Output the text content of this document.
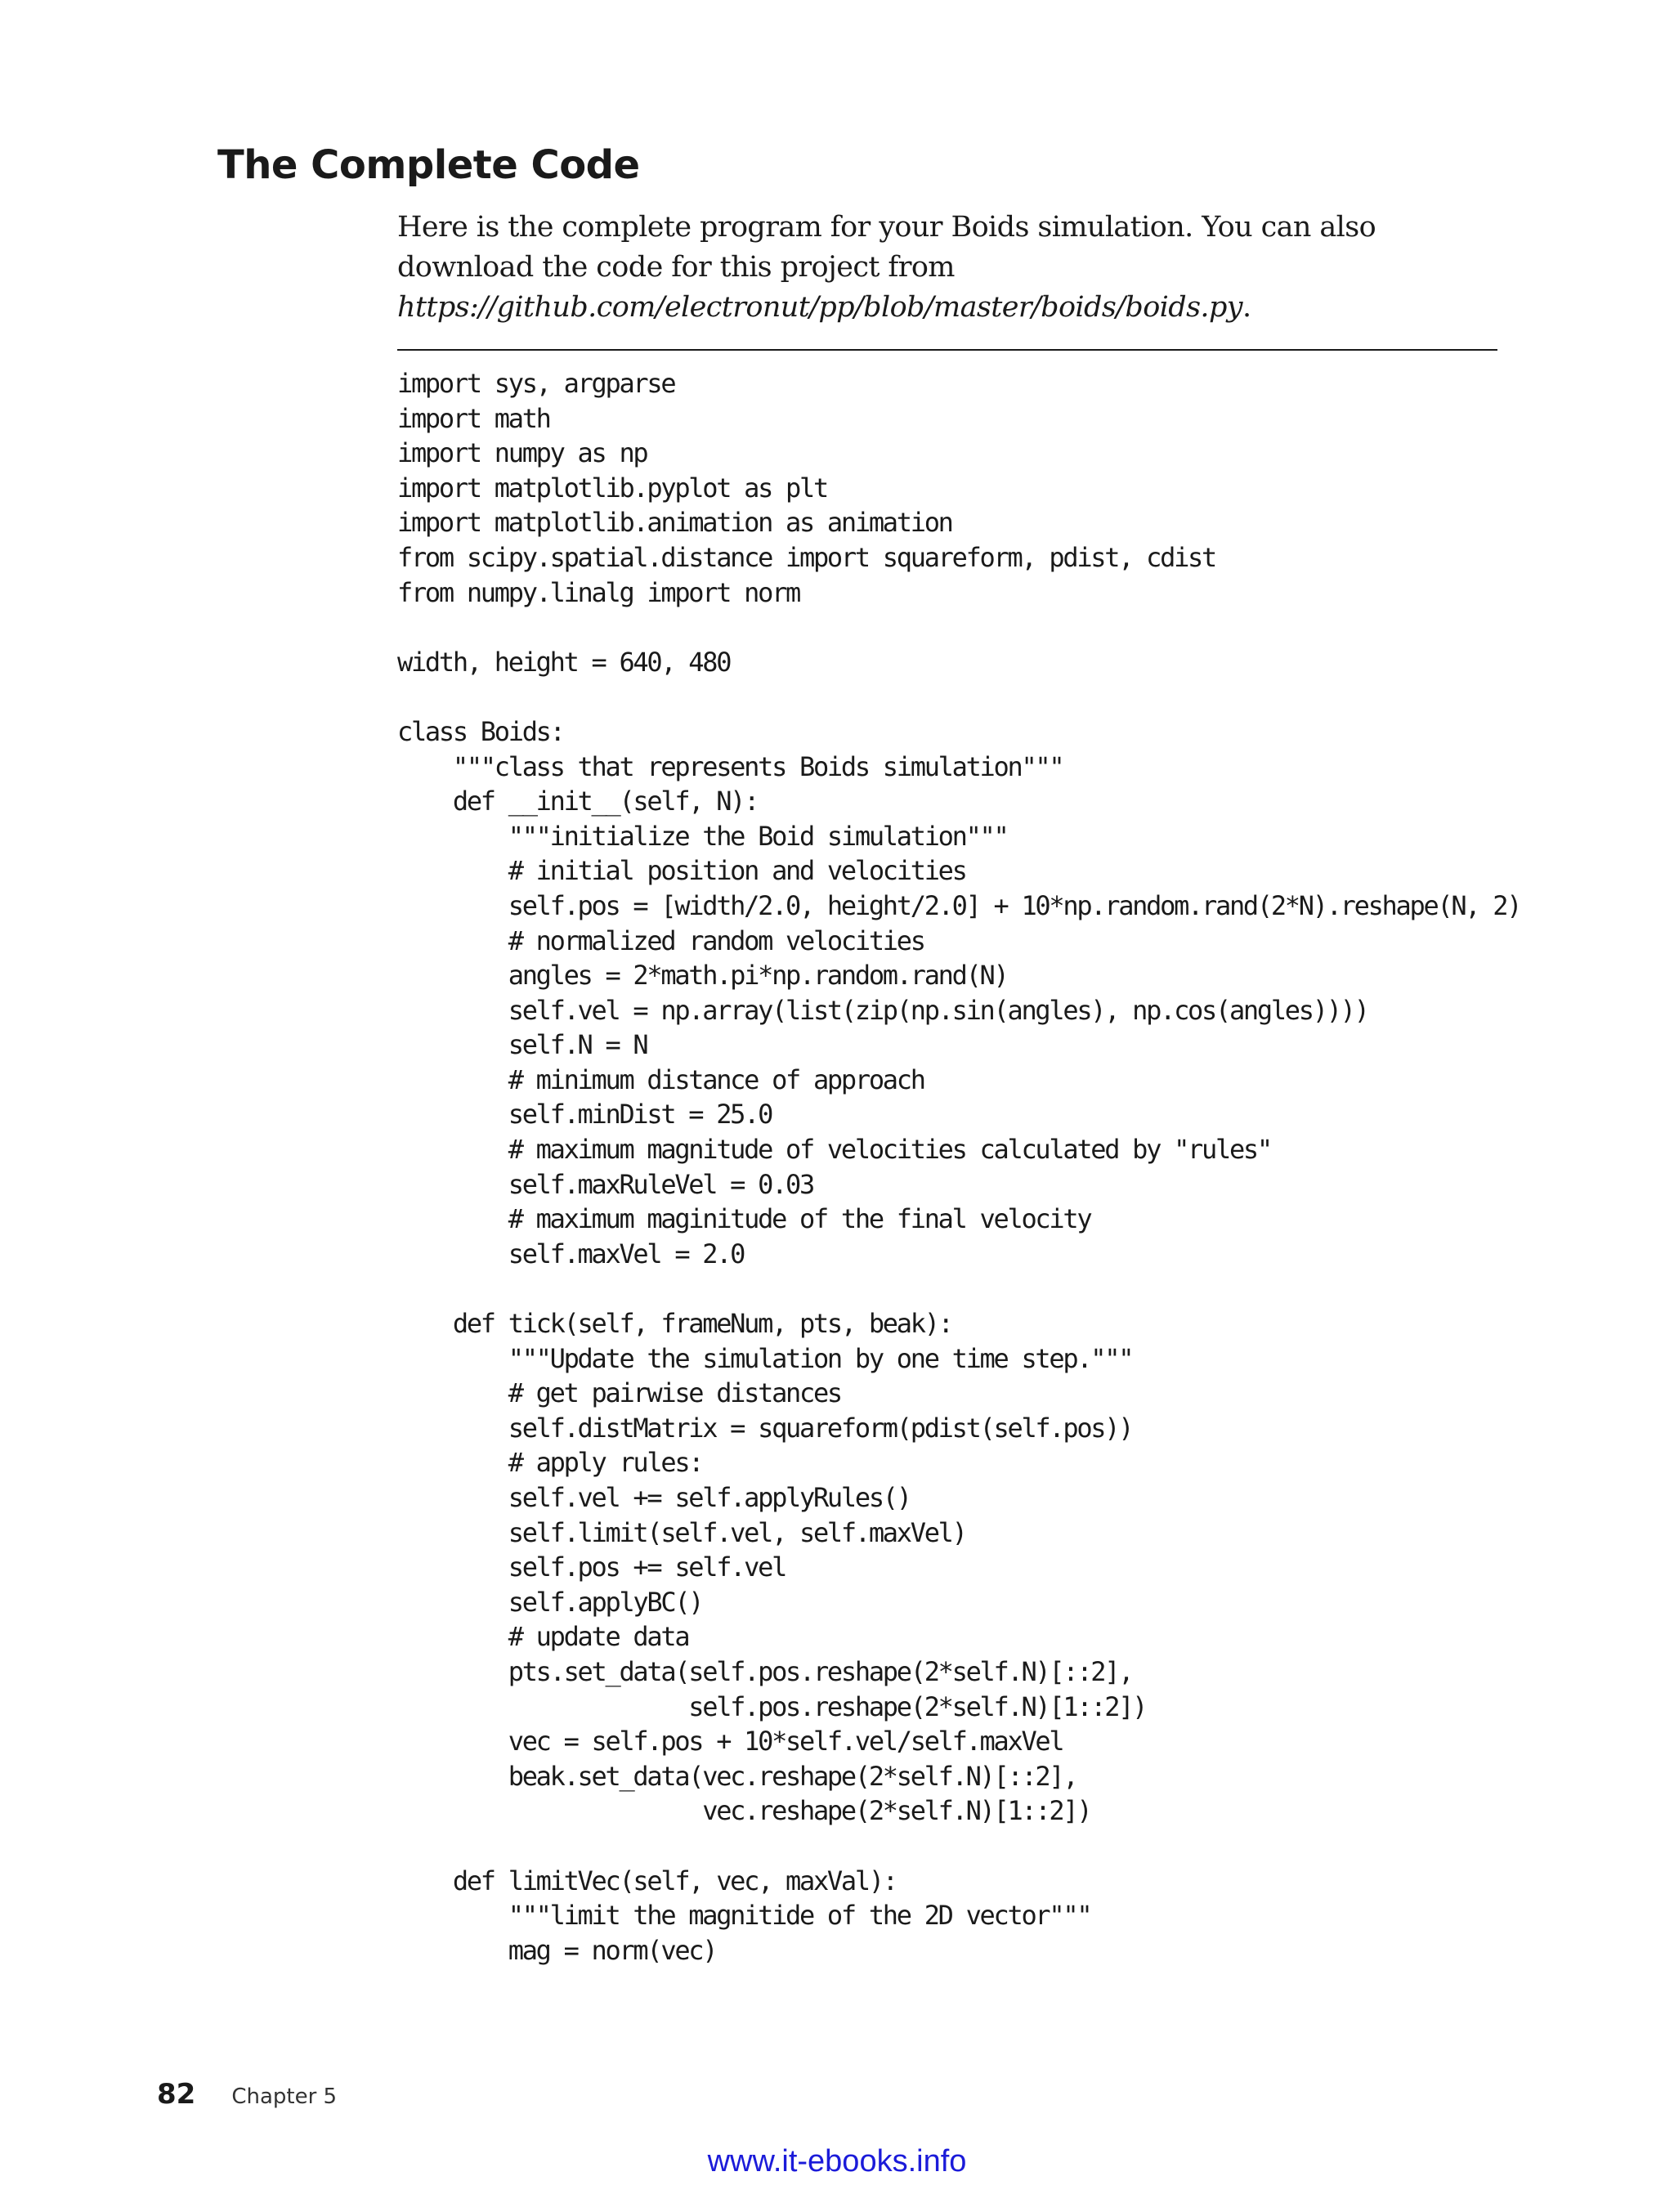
The Complete Code

Here is the complete program for your Boids simulation. You can also download the code for this project from https://github.com/electronut/pp/blob/master/boids/boids.py.

import sys, argparse
import math
import numpy as np
import matplotlib.pyplot as plt
import matplotlib.animation as animation
from scipy.spatial.distance import squareform, pdist, cdist
from numpy.linalg import norm
width, height = 640, 480
class Boids:
"""class that represents Boids simulation"""
def __init__(self, N):
"""initialize the Boid simulation"""
# initial position and velocities
self.pos = [width/2.0, height/2.0] + 10*np.random.rand(2*N).reshape(N, 2)
# normalized random velocities
angles = 2*math.pi*np.random.rand(N)
self.vel = np.array(list(zip(np.sin(angles), np.cos(angles))))
self.N = N
# minimum distance of approach
self.minDist = 25.0
# maximum magnitude of velocities calculated by "rules"
self.maxRuleVel = 0.03
# maximum maginitude of the final velocity
self.maxVel = 2.0
def tick(self, frameNum, pts, beak):
"""Update the simulation by one time step."""
# get pairwise distances
self.distMatrix = squareform(pdist(self.pos))
# apply rules:
self.vel += self.applyRules()
self.limit(self.vel, self.maxVel)
self.pos += self.vel
self.applyBC()
# update data
pts.set_data(self.pos.reshape(2*self.N)[::2],
self.pos.reshape(2*self.N)[1::2])
vec = self.pos + 10*self.vel/self.maxVel
beak.set_data(vec.reshape(2*self.N)[::2],
vec.reshape(2*self.N)[1::2])
def limitVec(self, vec, maxVal):
"""limit the magnitide of the 2D vector"""
mag = norm(vec)
82 Chapter 5
www.it-ebooks.info
